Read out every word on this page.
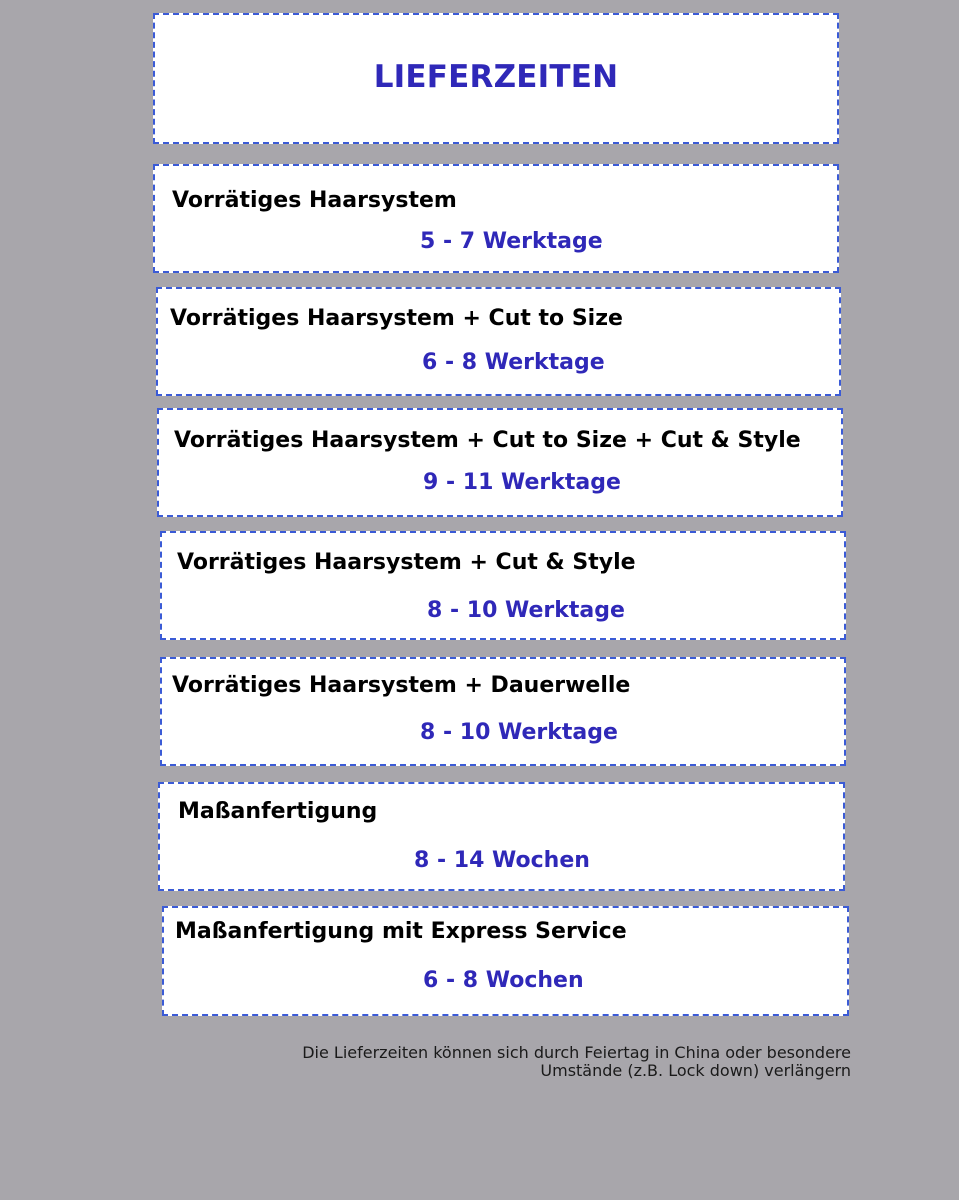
LIEFERZEITEN
Vorrätiges Haarsystem
5 - 7 Werktage
Vorrätiges Haarsystem + Cut to Size
6 - 8 Werktage
Vorrätiges Haarsystem + Cut to Size + Cut & Style
9 - 11 Werktage
Vorrätiges Haarsystem + Cut & Style
8 - 10 Werktage
Vorrätiges Haarsystem + Dauerwelle
8 - 10 Werktage
Maßanfertigung
8 - 14 Wochen
Maßanfertigung mit Express Service
6 - 8 Wochen
Die Lieferzeiten können sich durch Feiertag in China oder besondere
Umstände (z.B. Lock down) verlängern
